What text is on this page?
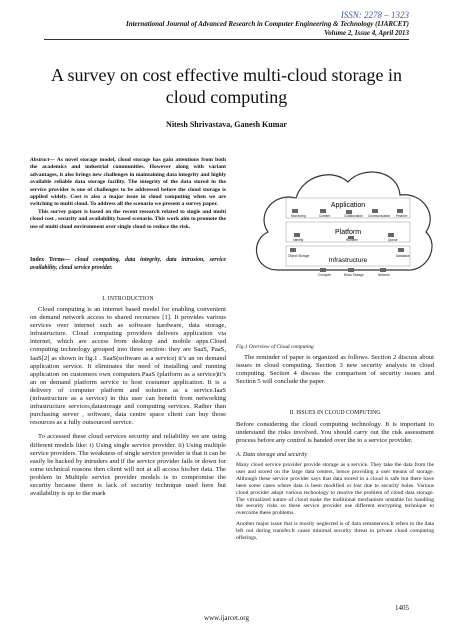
ISSN: 2278 – 1323
International Journal of Advanced Research in Computer Engineering & Technology (IJARCET)
Volume 2, Issue 4, April 2013
A survey on cost effective multi-cloud storage in
cloud computing
Nitesh Shrivastava, Ganesh Kumar

Abstract— As novel storage model, cloud storage has gain attentions from both the academics and industrial communities. However along with variant advantages, it also brings new challenges in maintaining data integrity and highly available reliable data storage facility. The integrity of the data stored in the service provider is one of challenges to be addressed before the cloud storage is applied widely. Cost is also a major issue in cloud computing when we are switching to multi cloud. To address all the scenario we present a survey paper.

This survey paper is based on the recent research related to single and multi cloud cost , security and availability based scenario. This work aim to promote the use of multi cloud environment over single cloud to reduce the risk.

Index Terms— cloud computing, data integrity, data intrusion, service availability, cloud service provider.
I. INTRODUCTION

Cloud computing is an internet based model for enabling convenient on demand network access to shared recourses [1]. It provides various services over internet such as software hardware, data storage, infrastructure. Cloud computing providers delivers application via internet, which are access from desktop and mobile apps.Cloud computing technology grouped into three section: they are SaaS, PaaS, IaaS[2] as shown in fig.1 . SaaS(software as a service) it’s an on demand application service. It eliminates the need of installing and running application on customers own computers.PaaS (platform as a service)it’s an on demand platform service to host costumer application. It is a delivery of computer platform and solution as a service.IaaS (infrastructure as a service) in this user can benefit from networking infrastructure services,datastorage and computing services. Rather than purchasing server , software, data centre space client can buy those resources as a fully outsourced service.

To accessed these cloud services security and reliability we are using different models like: i) Using single service provider. ii) Using multiple service providers. The weakness of single service provider is that it can be easily be hacked by intruders and if the service provider fails or down for some technical reasons then client will not at all access his/her data. The problem in Multiple service provider models is to compromise the security because there is lack of security technique used here but availability is up to the mark

Application
Platform
Infrastructure
Monitoring	Content	Collaboration Communication Finance
Identity	Runtime	Queue
Object Storage	Database
Compute	Block Storage	Network
Fig.1 Overview of Cloud computing

The reminder of paper is organized as follows. Section 2 discuss about issues in cloud computing. Section 3 new security analysis in cloud computing. Section 4 discuss the comparison of security issues and Section 5 will conclude the paper.

II. ISSUES IN CLOUD COMPUTING

Before considering the cloud computing technology. It is important to understand the risks involved. You should carry out the risk assessment process before any control is handed over the to a service provider.

A. Data storage and security

Many cloud service provider provide storage as a service. They take the data from the user and stored on the large data centers, hence providing a user means of storage. Although these service provider says that data stored in a cloud is safe but there have been some cases where data is been modified or lost due to security holes. Various cloud provider adopt various technology to resolve the problem of cloud data storage. The virtualized nature of cloud make the traditional mechanism unstable for handling the security risks so these service provider use different encrypting technique to overcome these problems.

Another major issue that is mostly neglected is of data remanences.It refers to the data left out during transfer.It cause minimal security threat in private cloud computing offerings,

1405
www.ijarcet.org
